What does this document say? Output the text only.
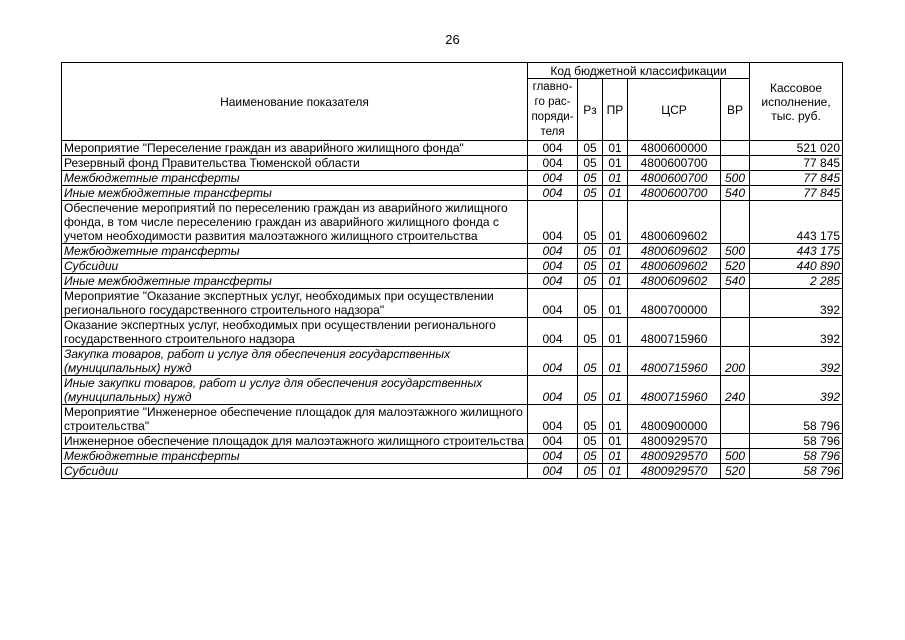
26
Наименование показателя	Код бюджетной классификации					Кассовое исполнение, тыс. руб.
	главно-го рас-поряди-теля	Рз	ПР	ЦСР	ВР	
Мероприятие "Переселение граждан из аварийного жилищного фонда"	004	05	01	4800600000		521 020
Резервный фонд Правительства Тюменской области	004	05	01	4800600700		77 845
Межбюджетные трансферты	004	05	01	4800600700	500	77 845
Иные межбюджетные трансферты	004	05	01	4800600700	540	77 845
Обеспечение мероприятий по переселению граждан из аварийного жилищного фонда, в том числе переселению граждан из аварийного жилищного фонда с учетом необходимости развития малоэтажного жилищного строительства	004	05	01	4800609602		443 175
Межбюджетные трансферты	004	05	01	4800609602	500	443 175
Субсидии	004	05	01	4800609602	520	440 890
Иные межбюджетные трансферты	004	05	01	4800609602	540	2 285
Мероприятие "Оказание экспертных услуг, необходимых при осуществлении регионального государственного строительного надзора"	004	05	01	4800700000		392
Оказание экспертных услуг, необходимых при осуществлении регионального государственного строительного надзора	004	05	01	4800715960		392
Закупка товаров, работ и услуг для обеспечения государственных (муниципальных) нужд	004	05	01	4800715960	200	392
Иные закупки товаров, работ и услуг для обеспечения государственных (муниципальных) нужд	004	05	01	4800715960	240	392
Мероприятие "Инженерное обеспечение площадок для малоэтажного жилищного строительства"	004	05	01	4800900000		58 796
Инженерное обеспечение площадок для малоэтажного жилищного строительства	004	05	01	4800929570		58 796
Межбюджетные трансферты	004	05	01	4800929570	500	58 796
Субсидии	004	05	01	4800929570	520	58 796
